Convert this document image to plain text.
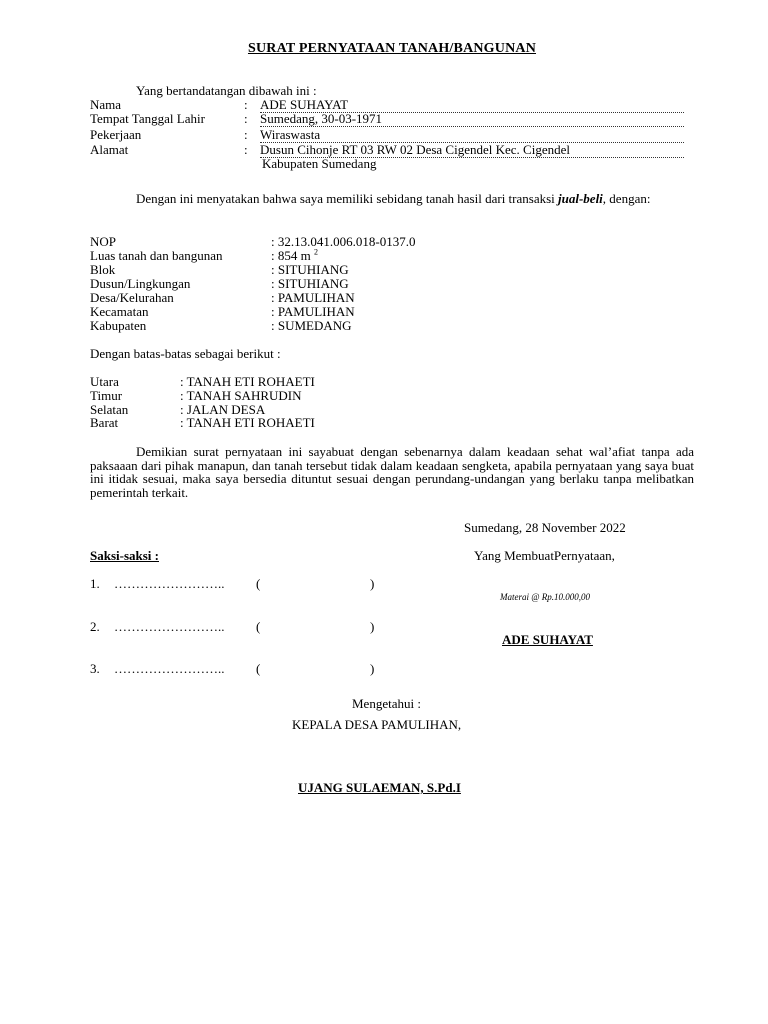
SURAT PERNYATAAN TANAH/BANGUNAN
Yang bertandatangan dibawah ini :
Nama	: ADE SUHAYAT
Tempat Tanggal Lahir	: Sumedang, 30-03-1971
Pekerjaan	: Wiraswasta
Alamat	: Dusun Cihonje RT 03 RW 02 Desa Cigendel Kec. Cigendel
Kabupaten Sumedang
Dengan ini menyatakan bahwa saya memiliki sebidang tanah hasil dari transaksi jual-beli, dengan:
NOP	: 32.13.041.006.018-0137.0
Luas tanah dan bangunan	: 854 m $^2$
Blok	: SITUHIANG
Dusun/Lingkungan	: SITUHIANG
Desa/Kelurahan	: PAMULIHAN
Kecamatan	: PAMULIHAN
Kabupaten	: SUMEDANG
Dengan batas-batas sebagai berikut :
Utara	: TANAH ETI ROHAETI
Timur	: TANAH SAHRUDIN
Selatan	: JALAN DESA
Barat	: TANAH ETI ROHAETI
Demikian surat pernyataan ini sayabuat dengan sebenarnya dalam keadaan sehat wal’afiat tanpa ada paksaaan dari pihak manapun, dan tanah tersebut tidak dalam keadaan sengketa, apabila pernyataan yang saya buat ini itidak sesuai, maka saya bersedia dituntut sesuai dengan perundang-undangan yang berlaku tanpa melibatkan pemerintah terkait.
Sumedang, 28 November 2022
Saksi-saksi :	Yang MembuatPernyataan,
1. …………………….. (	)
Materai @ Rp.10.000,00
2. …………………….. (	)
ADE SUHAYAT
3. …………………….. (	)
Mengetahui :
KEPALA DESA PAMULIHAN,
UJANG SULAEMAN, S.Pd.I
